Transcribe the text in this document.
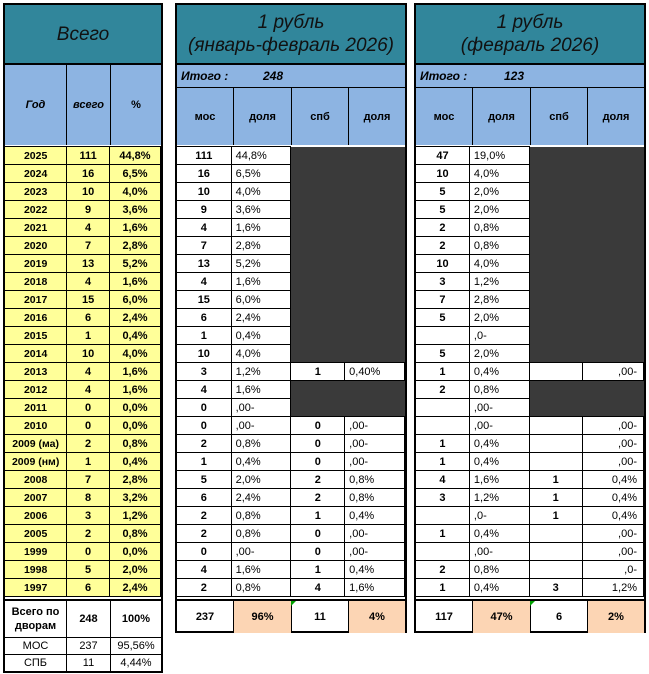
Всего
Год	всего	%
2025	111	44,8%
2024	16	6,5%
2023	10	4,0%
2022	9	3,6%
2021	4	1,6%
2020	7	2,8%
2019	13	5,2%
2018	4	1,6%
2017	15	6,0%
2016	6	2,4%
2015	1	0,4%
2014	10	4,0%
2013	4	1,6%
2012	4	1,6%
2011	0	0,0%
2010	0	0,0%
2009 (ма)	2	0,8%
2009 (нм)	1	0,4%
2008	7	2,8%
2007	8	3,2%
2006	3	1,2%
2005	2	0,8%
1999	0	0,0%
1998	5	2,0%
1997	6	2,4%
Всего по дворам
248	100%
МОС	237	95,56%
СПБ	11	4,44%
1 рубль
(январь-февраль 2026)
Итого :	248
мос	доля	спб	доля
111	44,8%		
16	6,5%		
10	4,0%		
9	3,6%		
4	1,6%		
7	2,8%		
13	5,2%		
4	1,6%		
15	6,0%		
6	2,4%		
1	0,4%		
10	4,0%		
3	1,2%	1	0,40%
4	1,6%		
0	,00-		
0	,00-	0	,00-
2	0,8%	0	,00-
1	0,4%	0	,00-
5	2,0%	2	0,8%
6	2,4%	2	0,8%
2	0,8%	1	0,4%
2	0,8%	0	,00-
0	,00-	0	,00-
4	1,6%	1	0,4%
2	0,8%	4	1,6%
237	96%	11	4%
1 рубль
(февраль 2026)
Итого :	123
мос	доля	спб	доля
47	19,0%		
10	4,0%		
5	2,0%		
5	2,0%		
2	0,8%		
2	0,8%		
10	4,0%		
3	1,2%		
7	2,8%		
5	2,0%		
	,0-		
5	2,0%		
1	0,4%		,00-
2	0,8%		
	,00-		
	,00-		,00-
1	0,4%		,00-
1	0,4%		,00-
4	1,6%	1	0,4%
3	1,2%	1	0,4%
	,0-	1	0,4%
1	0,4%		,00-
	,00-		,00-
2	0,8%		,0-
1	0,4%	3	1,2%
117	47%	6	2%
